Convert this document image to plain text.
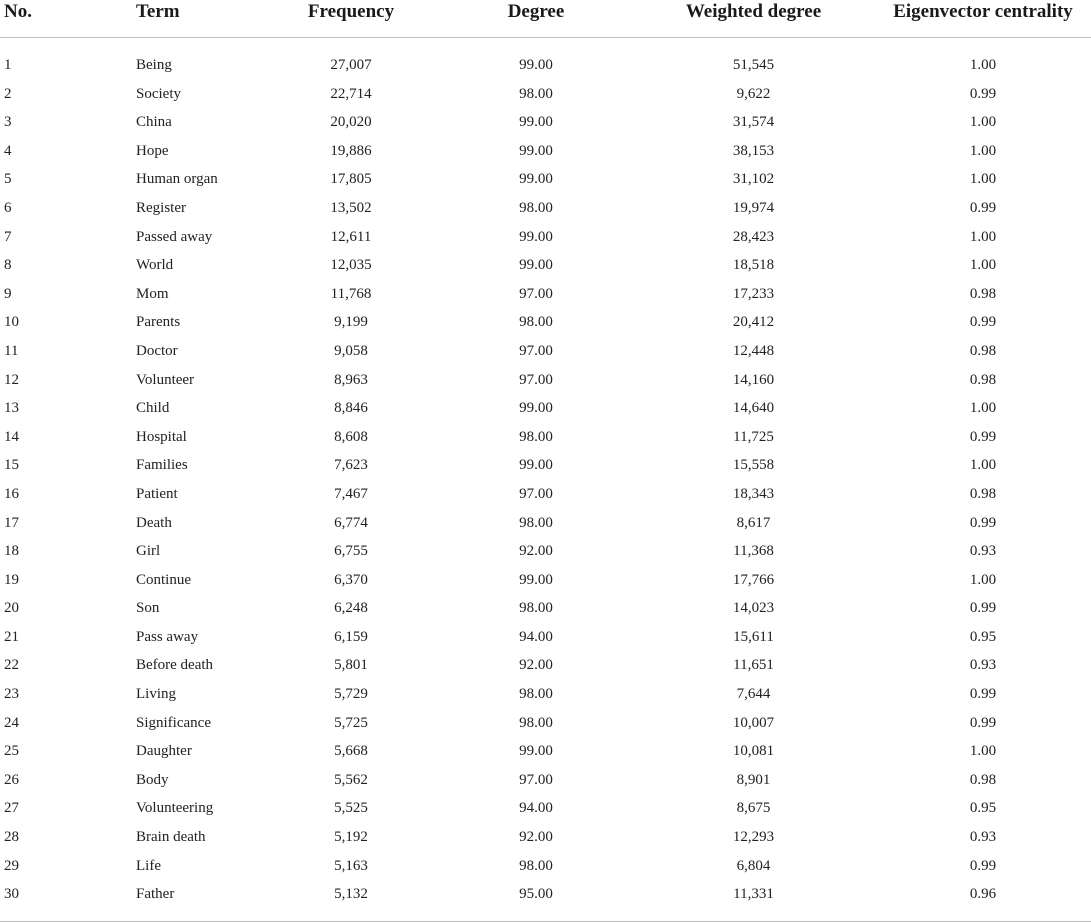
No.	Term	Frequency	Degree	Weighted degree	Eigenvector centrality
1	Being	27,007	99.00	51,545	1.00
2	Society	22,714	98.00	9,622	0.99
3	China	20,020	99.00	31,574	1.00
4	Hope	19,886	99.00	38,153	1.00
5	Human organ	17,805	99.00	31,102	1.00
6	Register	13,502	98.00	19,974	0.99
7	Passed away	12,611	99.00	28,423	1.00
8	World	12,035	99.00	18,518	1.00
9	Mom	11,768	97.00	17,233	0.98
10	Parents	9,199	98.00	20,412	0.99
11	Doctor	9,058	97.00	12,448	0.98
12	Volunteer	8,963	97.00	14,160	0.98
13	Child	8,846	99.00	14,640	1.00
14	Hospital	8,608	98.00	11,725	0.99
15	Families	7,623	99.00	15,558	1.00
16	Patient	7,467	97.00	18,343	0.98
17	Death	6,774	98.00	8,617	0.99
18	Girl	6,755	92.00	11,368	0.93
19	Continue	6,370	99.00	17,766	1.00
20	Son	6,248	98.00	14,023	0.99
21	Pass away	6,159	94.00	15,611	0.95
22	Before death	5,801	92.00	11,651	0.93
23	Living	5,729	98.00	7,644	0.99
24	Significance	5,725	98.00	10,007	0.99
25	Daughter	5,668	99.00	10,081	1.00
26	Body	5,562	97.00	8,901	0.98
27	Volunteering	5,525	94.00	8,675	0.95
28	Brain death	5,192	92.00	12,293	0.93
29	Life	5,163	98.00	6,804	0.99
30	Father	5,132	95.00	11,331	0.96
